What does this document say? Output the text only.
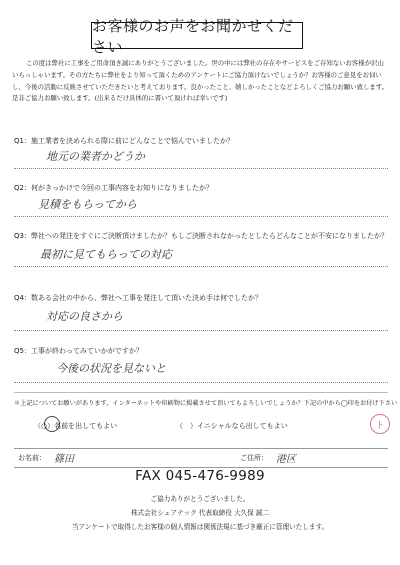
お客様のお声をお聞かせください

この度は弊社に工事をご用命頂き誠にありがとうございました。世の中には弊社の存在やサービスをご存知ないお客様が沢山いらっしゃいます。その方たちに弊社をより知って頂くためのアンケートにご協力頂けないでしょうか？お客様のご意見をお伺いし、今後の活動に反映させていただきたいと考えております。良かったこと、嬉しかったことなどよろしくご協力お願い致します。是非ご協力お願い致します。(出来るだけ具体的に書いて頂ければ幸いです)

Q1：施工業者を決められる際に前にどんなことで悩んでいましたか？
地元の業者かどうか
Q2：何がきっかけで今回の工事内容をお知りになりましたか？
見積をもらってから
Q3：弊社への発注をすぐにご決断頂けましたか？もしご決断されなかったとしたらどんなことが不安になりましたか？
最初に見てもらっての対応
Q4：数ある会社の中から、弊社へ工事を発注して頂いた決め手は何でしたか？
対応の良さから
Q5：工事が終わってみていかがですか？
今後の状況を見ないと
＊上記についてお願いがあります。インターネットや印刷物に掲載させて頂いてもよろしいでしょうか？下記の中から◯印をお付け下さい
（○）名前を出してもよい	（　）イニシャルなら出してもよい	ト
お名前： 篠田	ご住所： 港区
FAX 045-476-9989
ご協力ありがとうございました。
株式会社シェアテック 代表取締役 大久保 誠二
当アンケートで取得したお客様の個人情報は関係法規に基づき厳正に管理いたします。
